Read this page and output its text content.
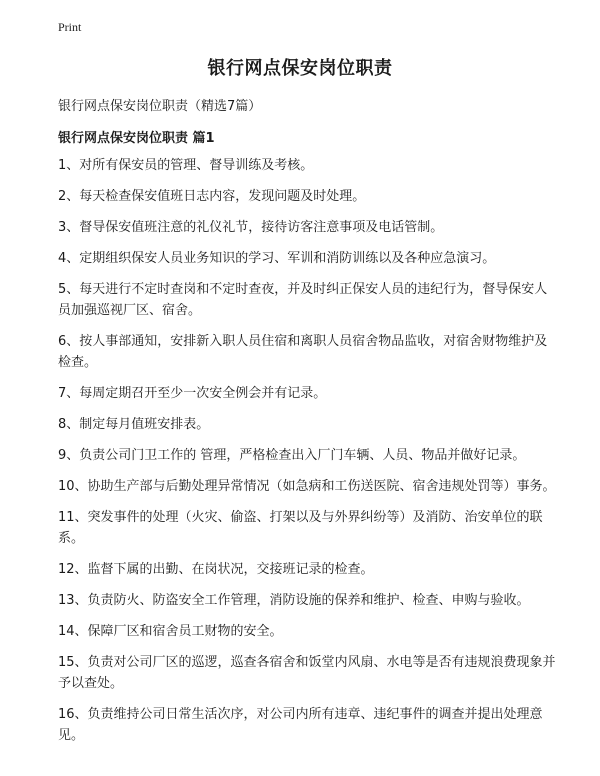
Print
银行网点保安岗位职责

银行网点保安岗位职责（精选7篇）

银行网点保安岗位职责 篇1
1、对所有保安员的管理、督导训练及考核。
2、每天检查保安值班日志内容，发现问题及时处理。
3、督导保安值班注意的礼仪礼节，接待访客注意事项及电话管制。
4、定期组织保安人员业务知识的学习、军训和消防训练以及各种应急演习。
5、每天进行不定时查岗和不定时查夜，并及时纠正保安人员的违纪行为，督导保安人员加强巡视厂区、宿舍。
6、按人事部通知，安排新入职人员住宿和离职人员宿舍物品监收，对宿舍财物维护及检查。
7、每周定期召开至少一次安全例会并有记录。
8、制定每月值班安排表。
9、负责公司门卫工作的 管理，严格检查出入厂门车辆、人员、物品并做好记录。
10、协助生产部与后勤处理异常情况（如急病和工伤送医院、宿舍违规处罚等）事务。
11、突发事件的处理（火灾、偷盗、打架以及与外界纠纷等）及消防、治安单位的联系。
12、监督下属的出勤、在岗状况，交接班记录的检查。
13、负责防火、防盗安全工作管理，消防设施的保养和维护、检查、申购与验收。
14、保障厂区和宿舍员工财物的安全。
15、负责对公司厂区的巡逻，巡查各宿舍和饭堂内风扇、水电等是否有违规浪费现象并予以查处。
16、负责维持公司日常生活次序，对公司内所有违章、违纪事件的调查并提出处理意见。
